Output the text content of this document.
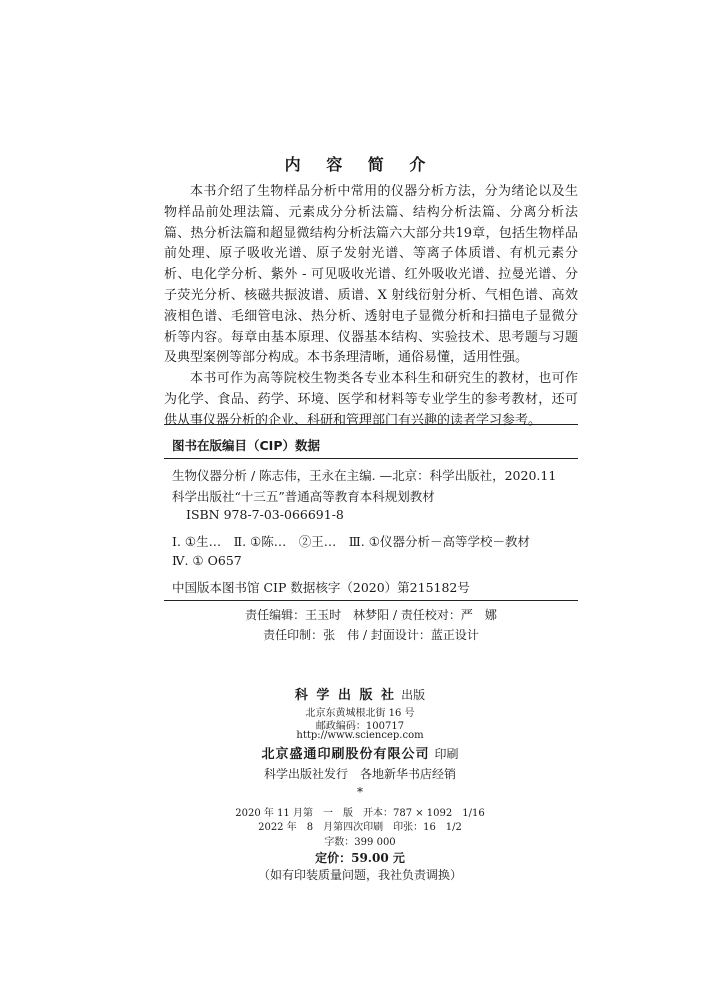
内 容 简 介

本书介绍了生物样品分析中常用的仪器分析方法，分为绪论以及生物样品前处理法篇、元素成分分析法篇、结构分析法篇、分离分析法篇、热分析法篇和超显微结构分析法篇六大部分共19章，包括生物样品前处理、原子吸收光谱、原子发射光谱、等离子体质谱、有机元素分析、电化学分析、紫外 - 可见吸收光谱、红外吸收光谱、拉曼光谱、分子荧光分析、核磁共振波谱、质谱、X 射线衍射分析、气相色谱、高效液相色谱、毛细管电泳、热分析、透射电子显微分析和扫描电子显微分析等内容。每章由基本原理、仪器基本结构、实验技术、思考题与习题及典型案例等部分构成。本书条理清晰，通俗易懂，适用性强。

本书可作为高等院校生物类各专业本科生和研究生的教材，也可作为化学、食品、药学、环境、医学和材料等专业学生的参考教材，还可供从事仪器分析的企业、科研和管理部门有兴趣的读者学习参考。

图书在版编目（CIP）数据
生物仪器分析 / 陈志伟，王永在主编. —北京：科学出版社，2020.11
科学出版社“十三五”普通高等教育本科规划教材
ISBN 978-7-03-066691-8
Ⅰ. ①生…　Ⅱ. ①陈…　②王…　Ⅲ. ①仪器分析－高等学校－教材
Ⅳ. ① O657
中国版本图书馆 CIP 数据核字（2020）第215182号
责任编辑：王玉时　林梦阳 / 责任校对：严　娜
责任印制：张　伟 / 封面设计：蓝正设计
科 学 出 版 社 出版
北京东黄城根北街 16 号
邮政编码：100717
http://www.sciencep.com
北京盛通印刷股份有限公司 印刷
科学出版社发行　各地新华书店经销
*
2020 年 11 月第　一　版　开本：787 × 1092　1/16
2022 年　8　月第四次印刷　印张：16　1/2
字数：399 000
定价：59.00 元
（如有印装质量问题，我社负责调换）
